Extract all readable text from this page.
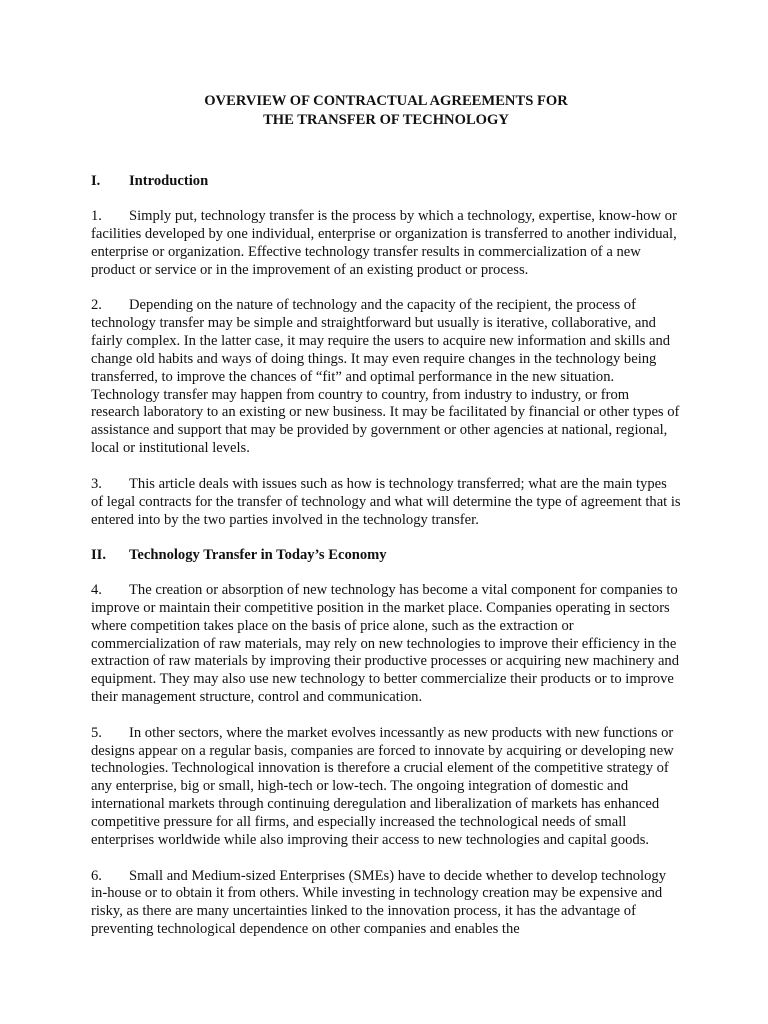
OVERVIEW OF CONTRACTUAL AGREEMENTS FOR
THE TRANSFER OF TECHNOLOGY
I.	Introduction

1. Simply put, technology transfer is the process by which a technology, expertise, know-how or facilities developed by one individual, enterprise or organization is transferred to another individual, enterprise or organization. Effective technology transfer results in commercialization of a new product or service or in the improvement of an existing product or process.

2. Depending on the nature of technology and the capacity of the recipient, the process of technology transfer may be simple and straightforward but usually is iterative, collaborative, and fairly complex. In the latter case, it may require the users to acquire new information and skills and change old habits and ways of doing things. It may even require changes in the technology being transferred, to improve the chances of “fit” and optimal performance in the new situation. Technology transfer may happen from country to country, from industry to industry, or from research laboratory to an existing or new business. It may be facilitated by financial or other types of assistance and support that may be provided by government or other agencies at national, regional, local or institutional levels.

3. This article deals with issues such as how is technology transferred; what are the main types of legal contracts for the transfer of technology and what will determine the type of agreement that is entered into by the two parties involved in the technology transfer.

II.	Technology Transfer in Today’s Economy

4. The creation or absorption of new technology has become a vital component for companies to improve or maintain their competitive position in the market place. Companies operating in sectors where competition takes place on the basis of price alone, such as the extraction or commercialization of raw materials, may rely on new technologies to improve their efficiency in the extraction of raw materials by improving their productive processes or acquiring new machinery and equipment. They may also use new technology to better commercialize their products or to improve their management structure, control and communication.

5. In other sectors, where the market evolves incessantly as new products with new functions or designs appear on a regular basis, companies are forced to innovate by acquiring or developing new technologies. Technological innovation is therefore a crucial element of the competitive strategy of any enterprise, big or small, high-tech or low-tech. The ongoing integration of domestic and international markets through continuing deregulation and liberalization of markets has enhanced competitive pressure for all firms, and especially increased the technological needs of small enterprises worldwide while also improving their access to new technologies and capital goods.

6. Small and Medium-sized Enterprises (SMEs) have to decide whether to develop technology in-house or to obtain it from others. While investing in technology creation may be expensive and risky, as there are many uncertainties linked to the innovation process, it has the advantage of preventing technological dependence on other companies and enables the
